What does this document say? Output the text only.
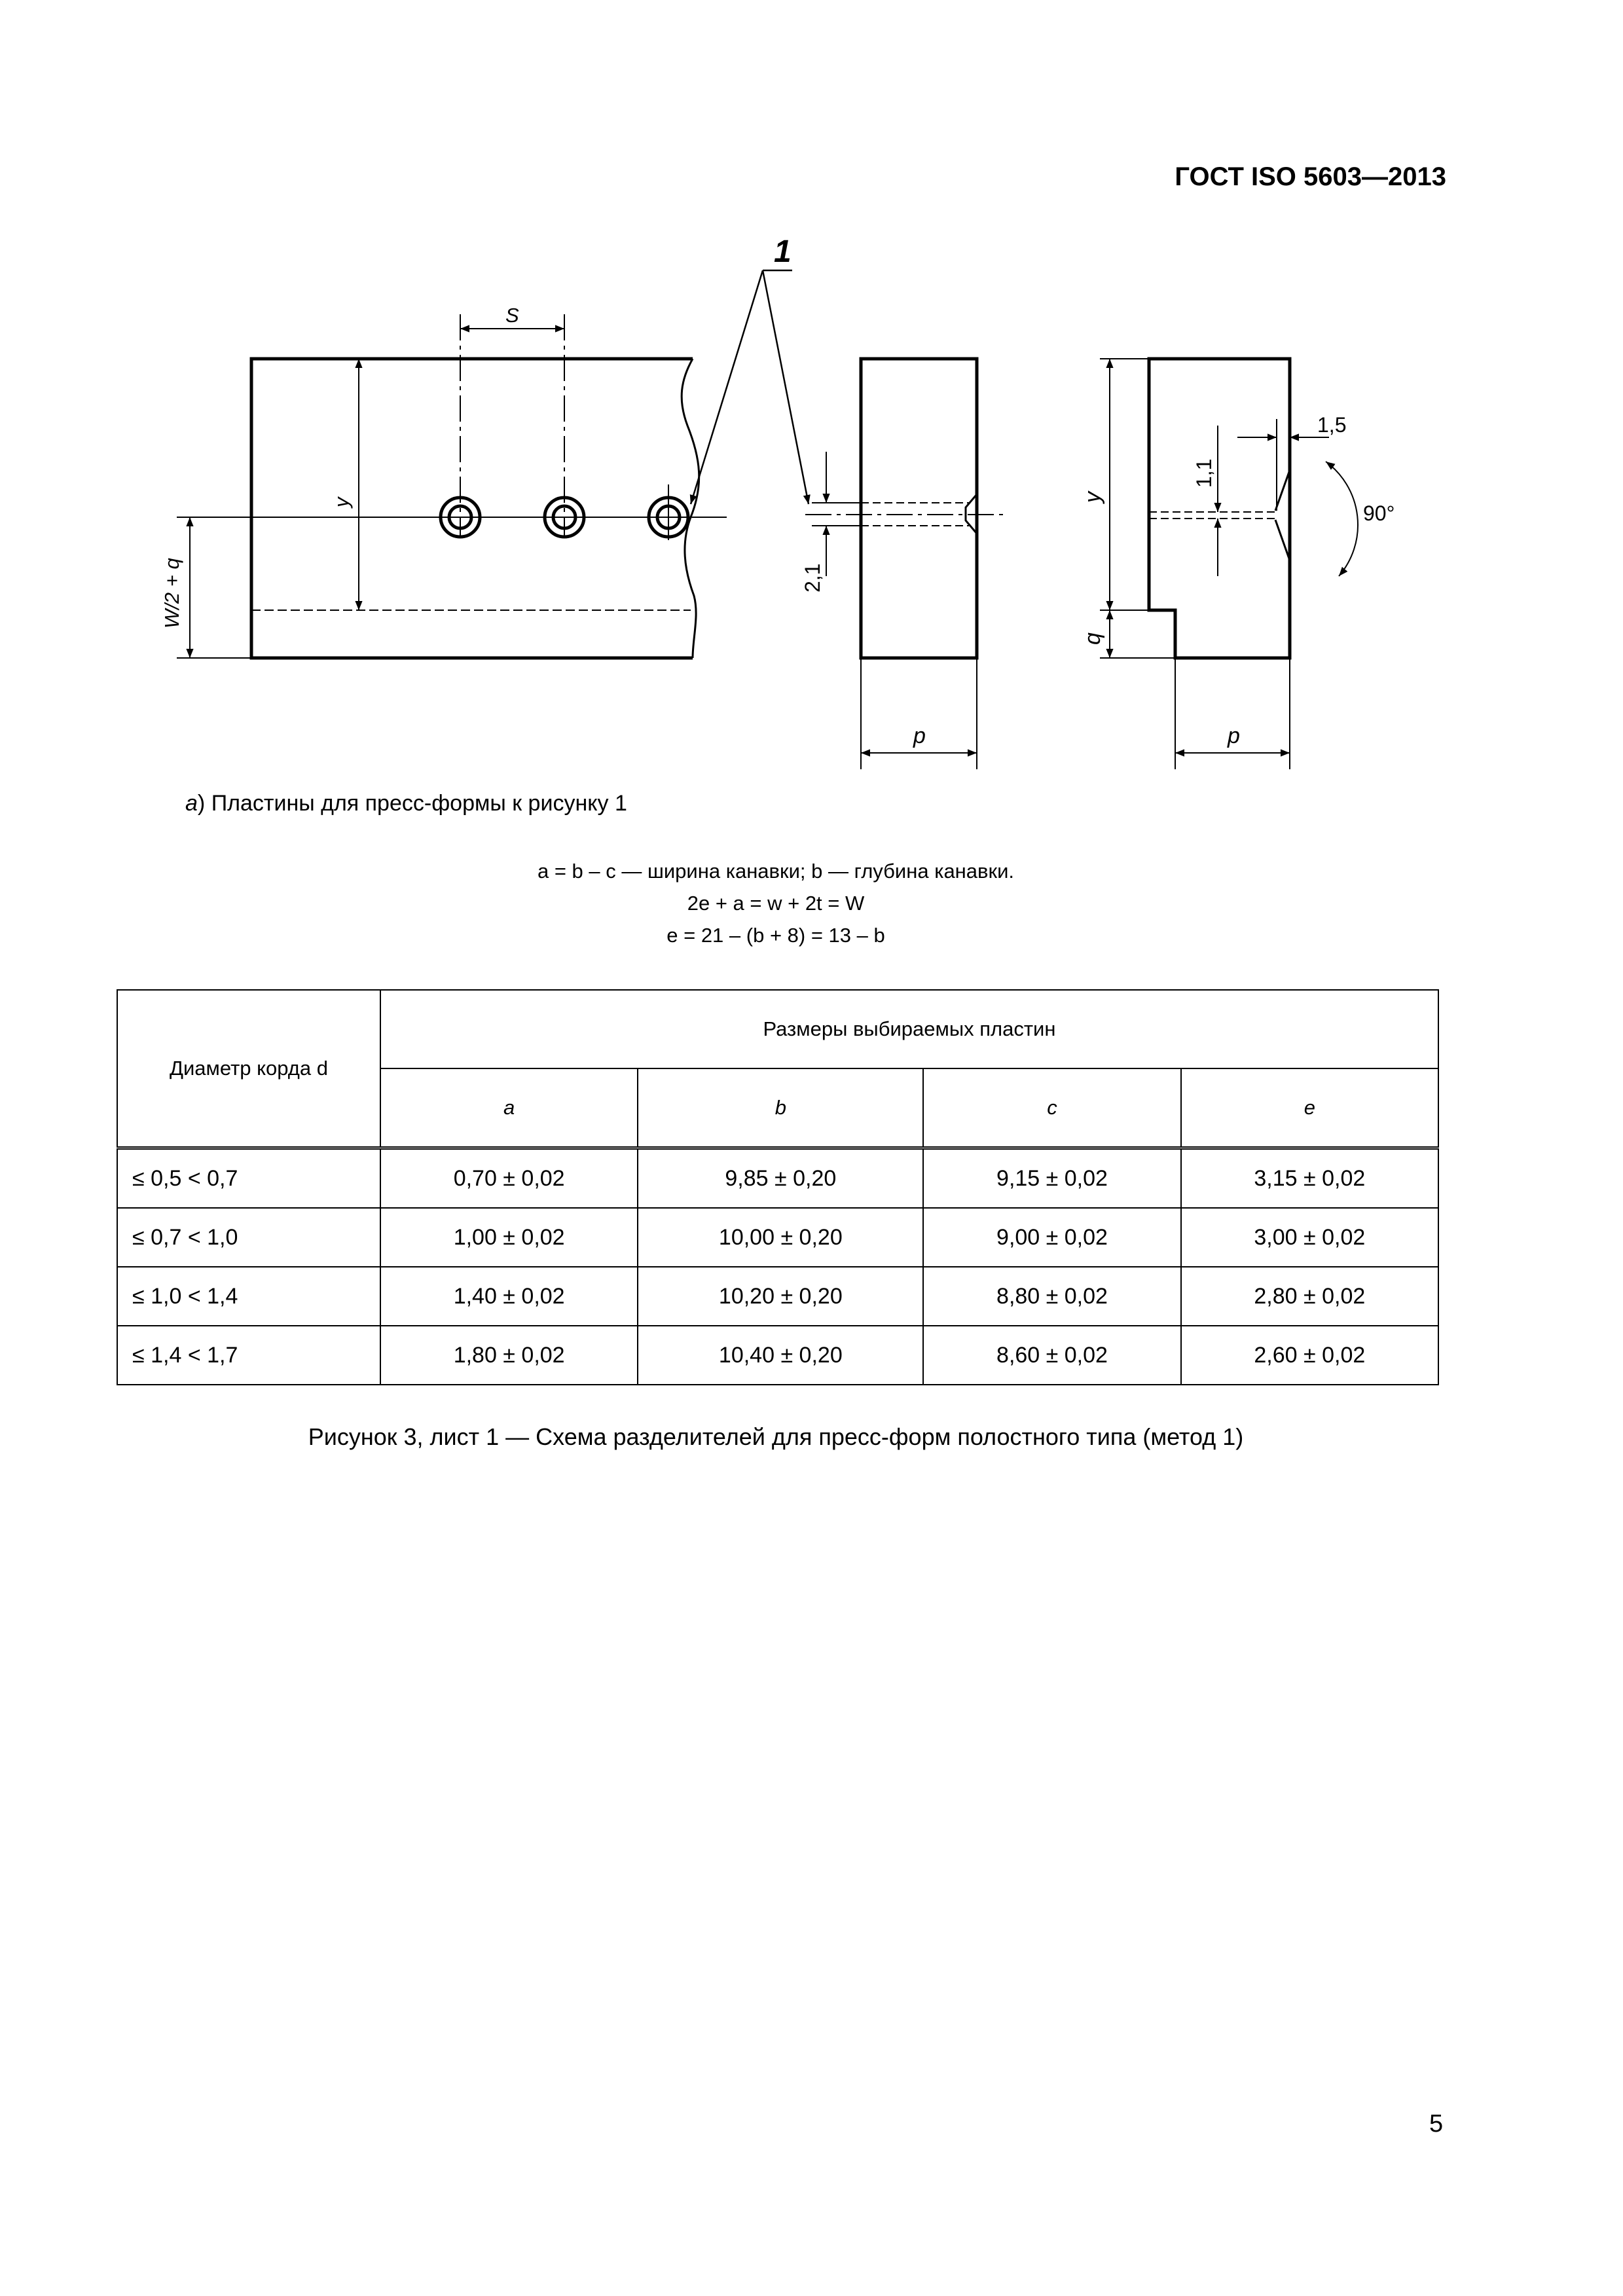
ГОСТ ISO 5603—2013
S
y
W/2 + q
1
2,1
p
y
q
1,1
1,5
90°
p
а) Пластины для пресс-формы к рисунку 1
a = b – c — ширина канавки; b — глубина канавки.
2e + a = w + 2t = W
e = 21 – (b + 8) = 13 – b
Диаметр корда d	Размеры выбираемых пластин			
	a	b	c	e
≤ 0,5 < 0,7	0,70 ± 0,02	9,85 ± 0,20	9,15 ± 0,02	3,15 ± 0,02
≤ 0,7 < 1,0	1,00 ± 0,02	10,00 ± 0,20	9,00 ± 0,02	3,00 ± 0,02
≤ 1,0 < 1,4	1,40 ± 0,02	10,20 ± 0,20	8,80 ± 0,02	2,80 ± 0,02
≤ 1,4 < 1,7	1,80 ± 0,02	10,40 ± 0,20	8,60 ± 0,02	2,60 ± 0,02
Рисунок 3, лист 1 — Схема разделителей для пресс-форм полостного типа (метод 1)
5
